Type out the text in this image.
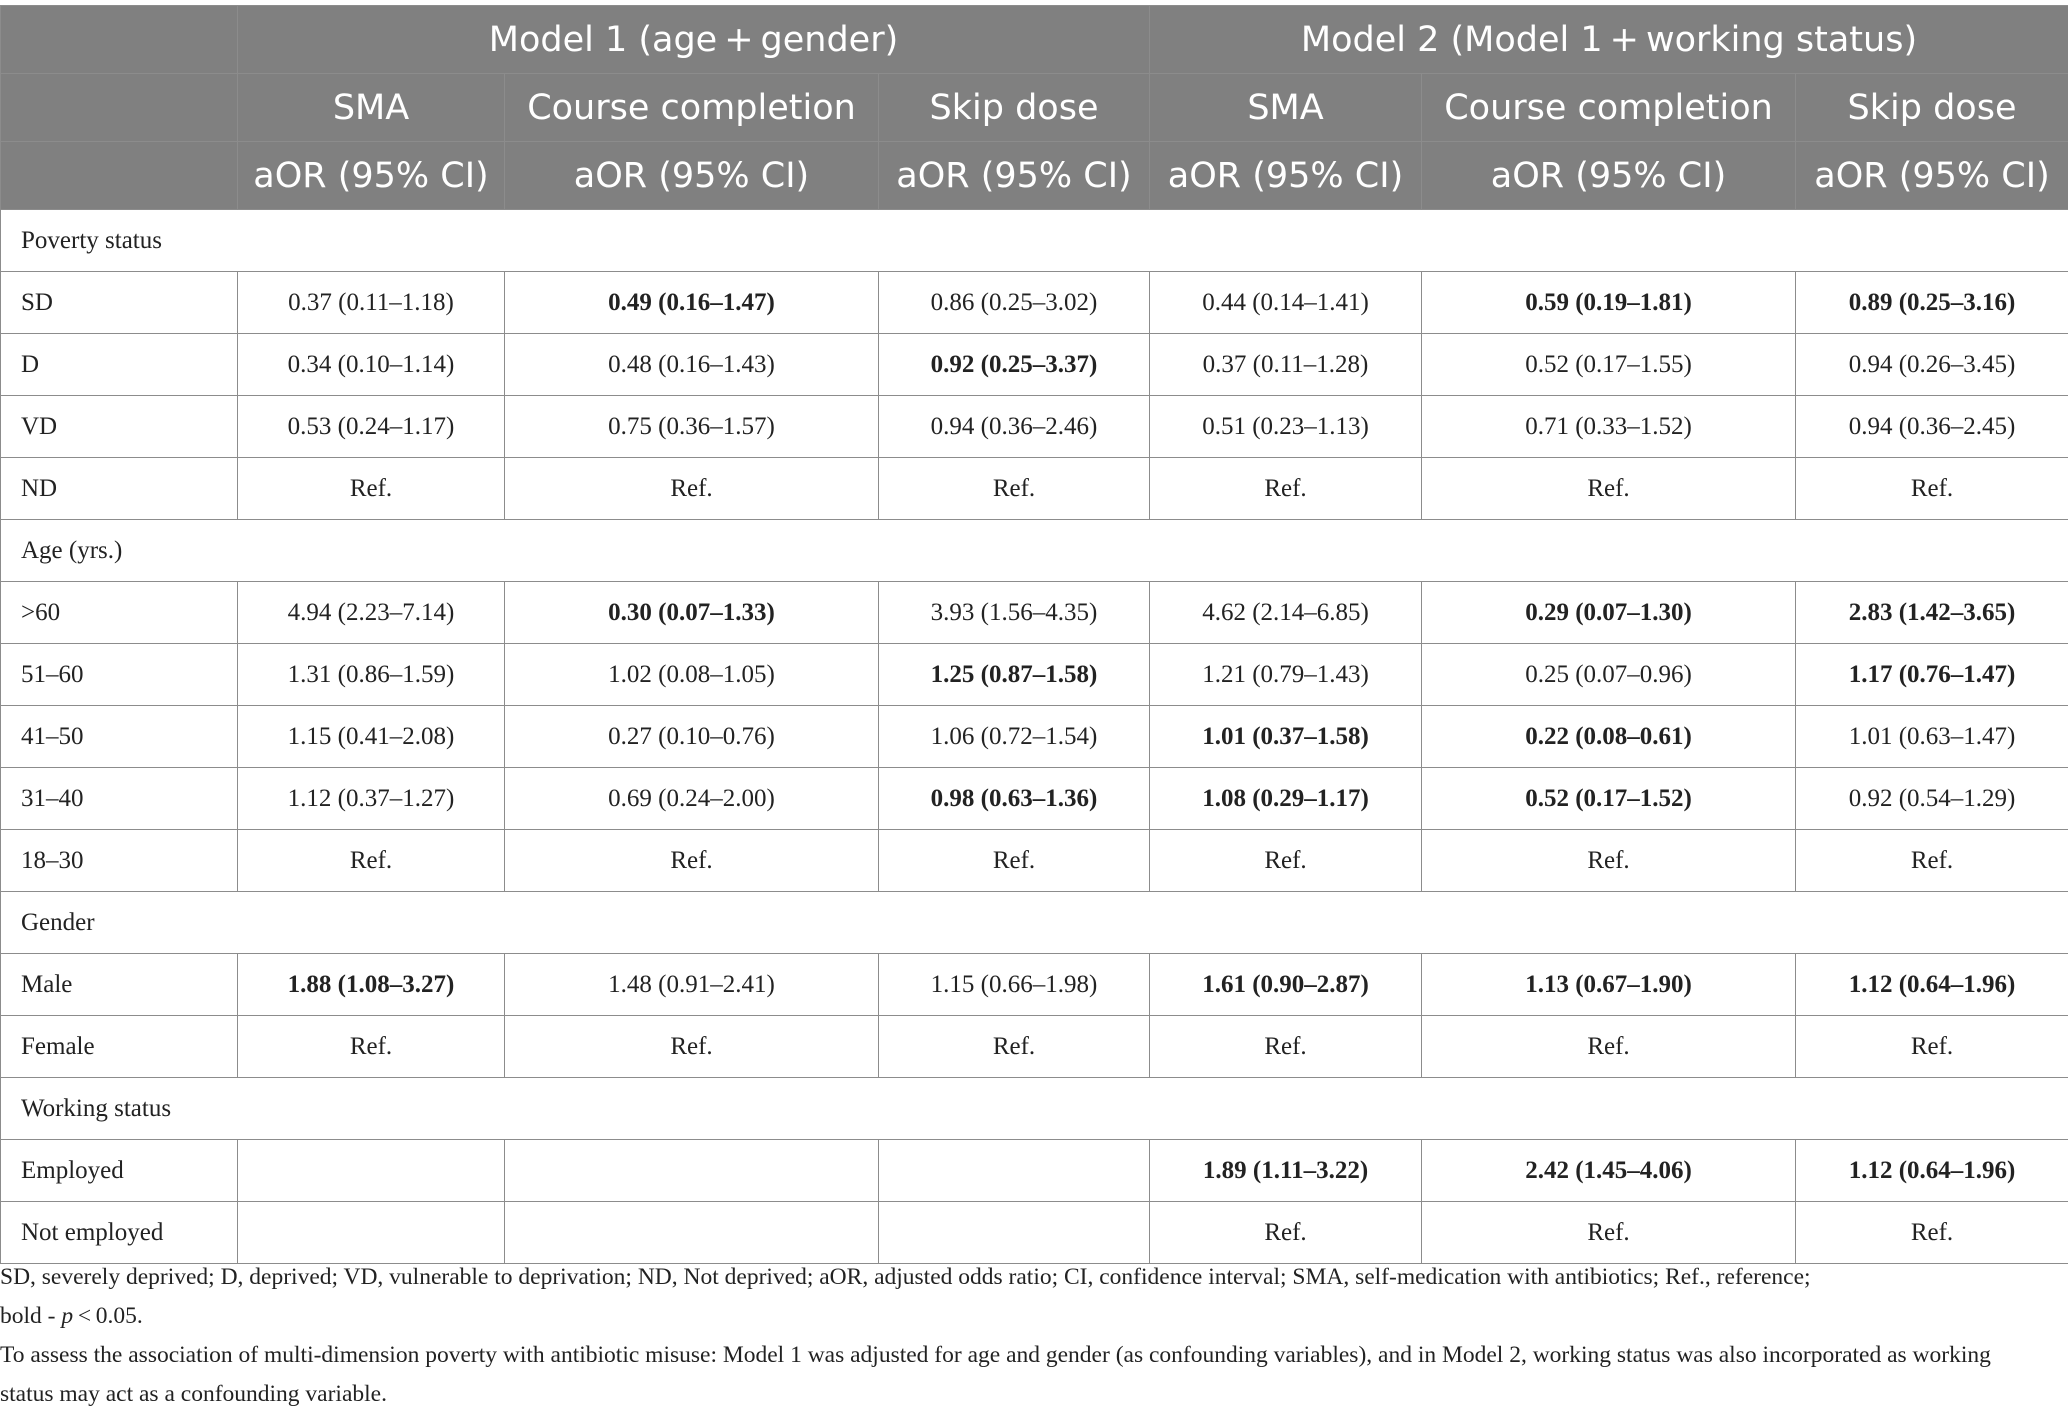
	Model 1 (age + gender)			Model 2 (Model 1 + working status)		
	SMA	Course completion	Skip dose	SMA	Course completion	Skip dose
	aOR (95% CI)	aOR (95% CI)	aOR (95% CI)	aOR (95% CI)	aOR (95% CI)	aOR (95% CI)
Poverty status						
SD	0.37 (0.11–1.18)	0.49 (0.16–1.47)	0.86 (0.25–3.02)	0.44 (0.14–1.41)	0.59 (0.19–1.81)	0.89 (0.25–3.16)
D	0.34 (0.10–1.14)	0.48 (0.16–1.43)	0.92 (0.25–3.37)	0.37 (0.11–1.28)	0.52 (0.17–1.55)	0.94 (0.26–3.45)
VD	0.53 (0.24–1.17)	0.75 (0.36–1.57)	0.94 (0.36–2.46)	0.51 (0.23–1.13)	0.71 (0.33–1.52)	0.94 (0.36–2.45)
ND	Ref.	Ref.	Ref.	Ref.	Ref.	Ref.
Age (yrs.)						
>60	4.94 (2.23–7.14)	0.30 (0.07–1.33)	3.93 (1.56–4.35)	4.62 (2.14–6.85)	0.29 (0.07–1.30)	2.83 (1.42–3.65)
51–60	1.31 (0.86–1.59)	1.02 (0.08–1.05)	1.25 (0.87–1.58)	1.21 (0.79–1.43)	0.25 (0.07–0.96)	1.17 (0.76–1.47)
41–50	1.15 (0.41–2.08)	0.27 (0.10–0.76)	1.06 (0.72–1.54)	1.01 (0.37–1.58)	0.22 (0.08–0.61)	1.01 (0.63–1.47)
31–40	1.12 (0.37–1.27)	0.69 (0.24–2.00)	0.98 (0.63–1.36)	1.08 (0.29–1.17)	0.52 (0.17–1.52)	0.92 (0.54–1.29)
18–30	Ref.	Ref.	Ref.	Ref.	Ref.	Ref.
Gender						
Male	1.88 (1.08–3.27)	1.48 (0.91–2.41)	1.15 (0.66–1.98)	1.61 (0.90–2.87)	1.13 (0.67–1.90)	1.12 (0.64–1.96)
Female	Ref.	Ref.	Ref.	Ref.	Ref.	Ref.
Working status						
Employed				1.89 (1.11–3.22)	2.42 (1.45–4.06)	1.12 (0.64–1.96)
Not employed				Ref.	Ref.	Ref.

SD, severely deprived; D, deprived; VD, vulnerable to deprivation; ND, Not deprived; aOR, adjusted odds ratio; CI, confidence interval; SMA, self-medication with antibiotics; Ref., reference;
bold - p < 0.05.

To assess the association of multi-dimension poverty with antibiotic misuse: Model 1 was adjusted for age and gender (as confounding variables), and in Model 2, working status was also incorporated as working status may act as a confounding variable.
